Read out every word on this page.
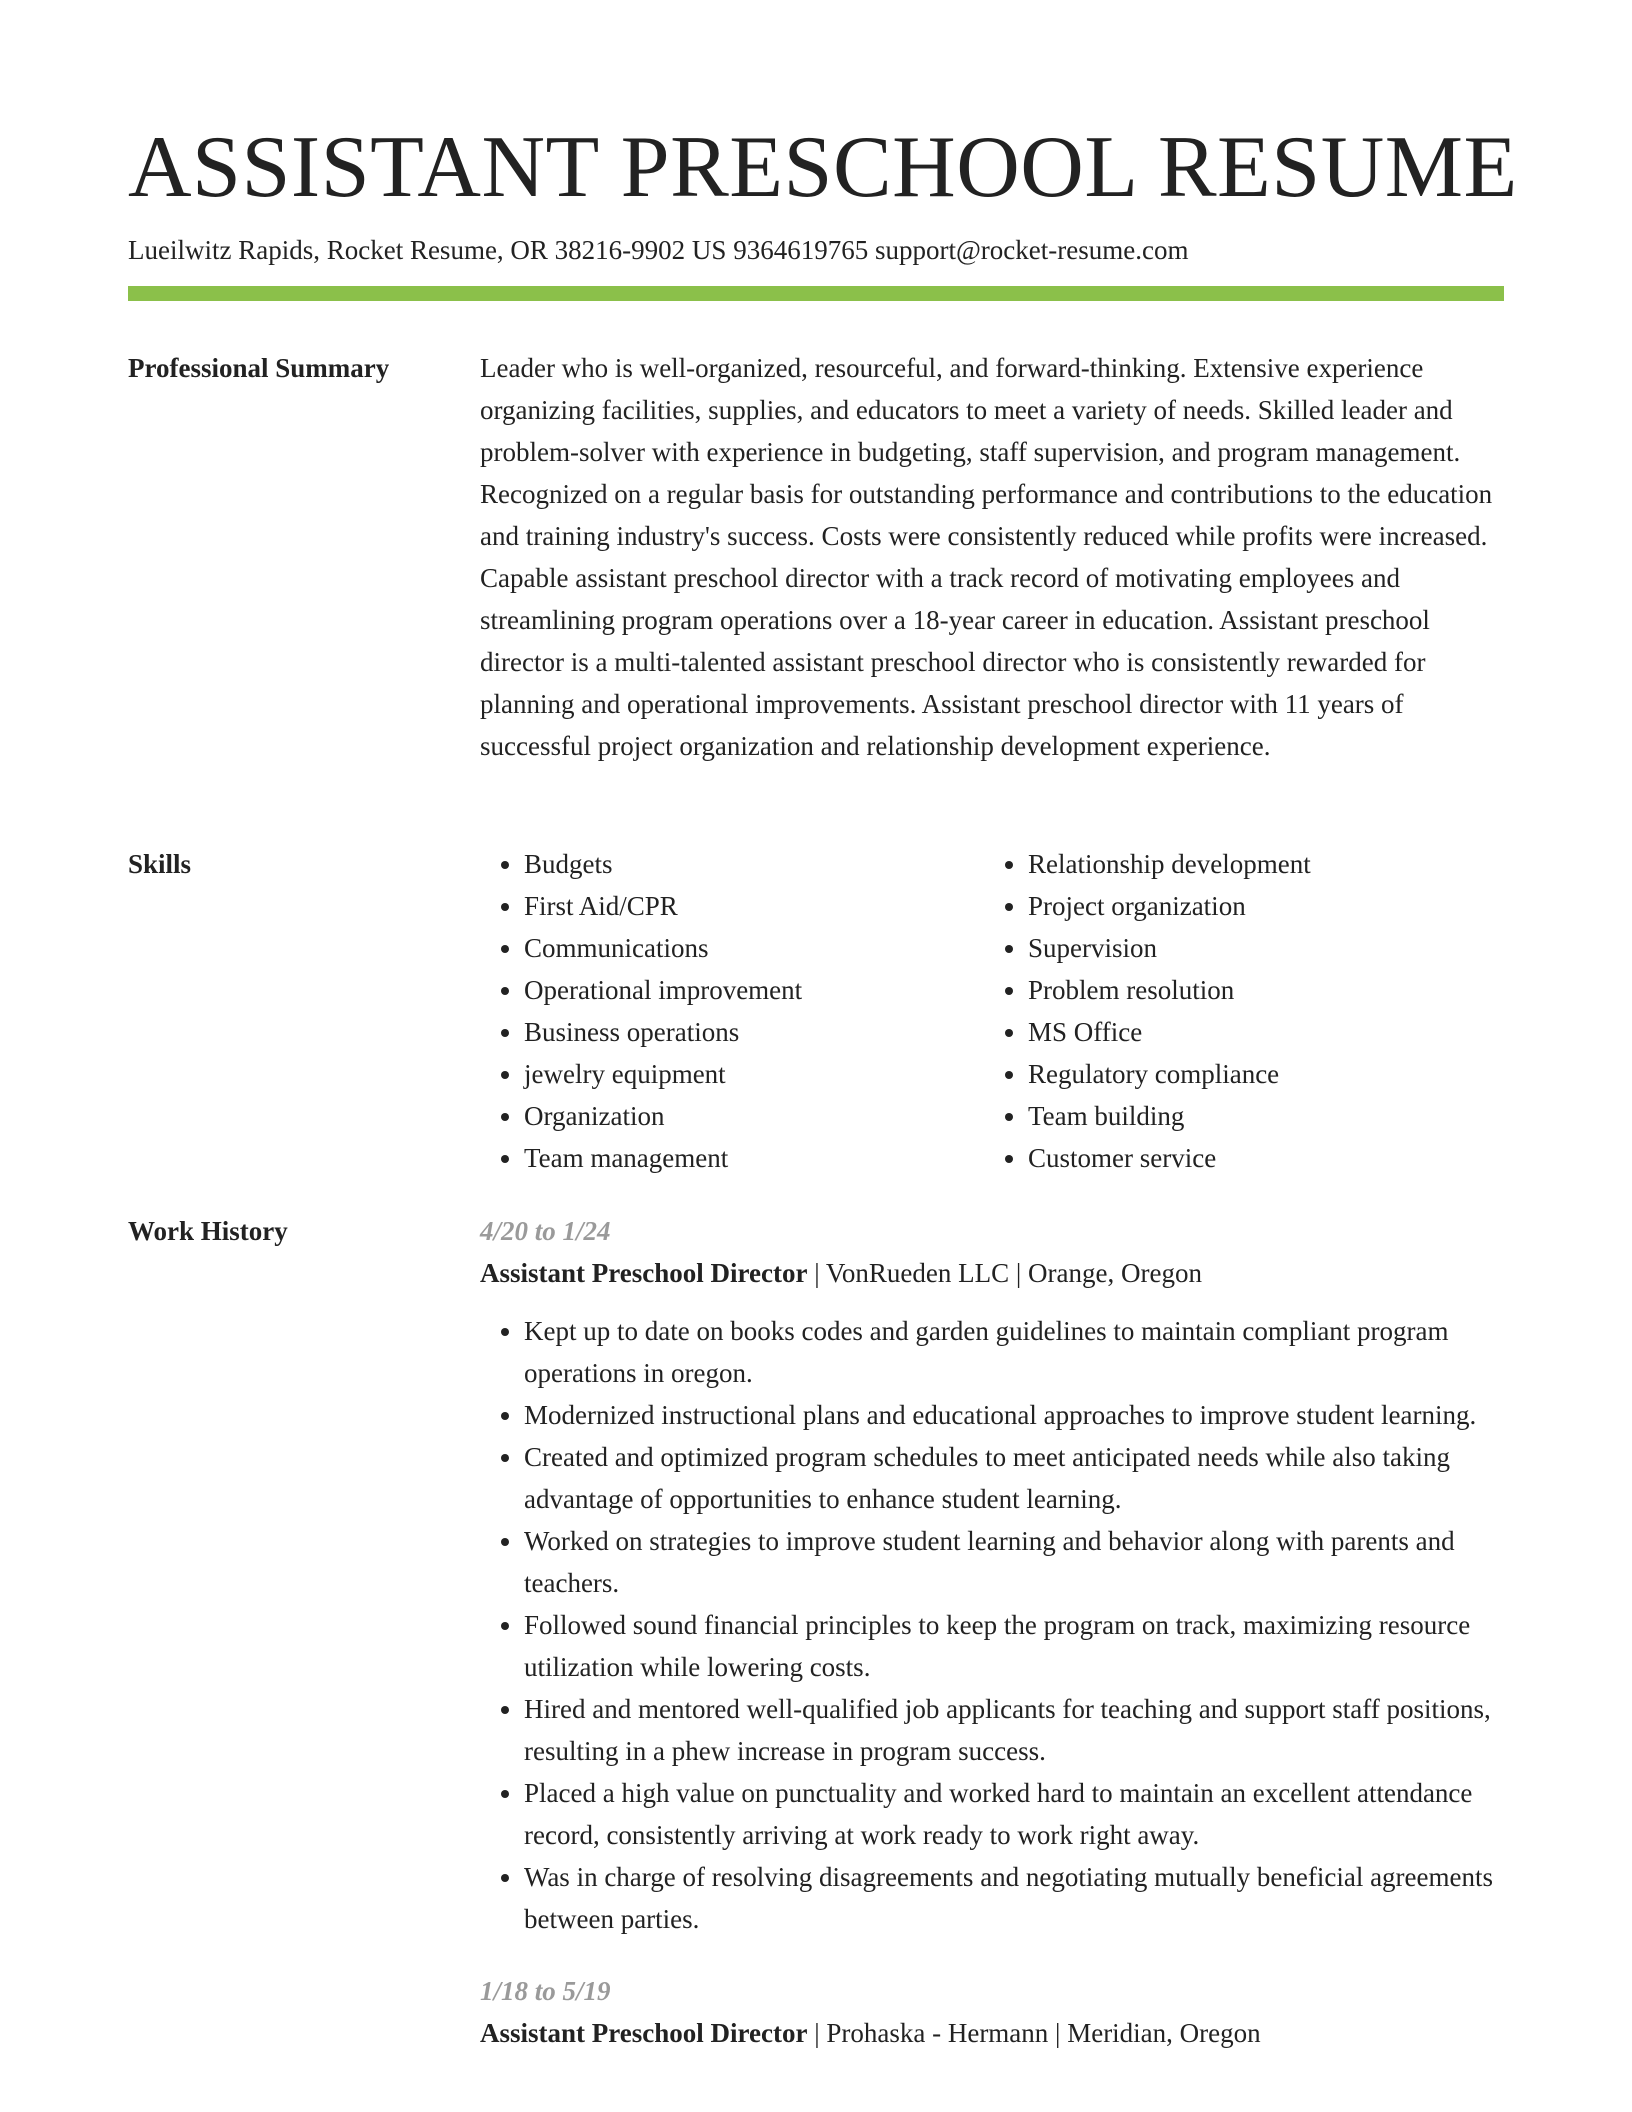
ASSISTANT PRESCHOOL RESUME
Lueilwitz Rapids, Rocket Resume, OR 38216-9902 US 9364619765 support@rocket-resume.com
Professional Summary	Leader who is well-organized, resourceful, and forward-thinking. Extensive experience organizing facilities, supplies, and educators to meet a variety of needs. Skilled leader and problem-solver with experience in budgeting, staff supervision, and program management. Recognized on a regular basis for outstanding performance and contributions to the education and training industry's success. Costs were consistently reduced while profits were increased. Capable assistant preschool director with a track record of motivating employees and streamlining program operations over a 18-year career in education. Assistant preschool director is a multi-talented assistant preschool director who is consistently rewarded for planning and operational improvements. Assistant preschool director with 11 years of successful project organization and relationship development experience.

Skills
•	Budgets
• First Aid/CPR
• Communications
• Operational improvement
• Business operations
• jewelry equipment
• Organization
• Team management
• Relationship development
• Project organization
• Supervision
• Problem resolution
• MS Office
• Regulatory compliance
• Team building
• Customer service
Work History	4/20 to 1/24
Assistant Preschool Director | VonRueden LLC | Orange, Oregon
• Kept up to date on books codes and garden guidelines to maintain compliant program operations in oregon.
• Modernized instructional plans and educational approaches to improve student learning.
• Created and optimized program schedules to meet anticipated needs while also taking advantage of opportunities to enhance student learning.
• Worked on strategies to improve student learning and behavior along with parents and teachers.
• Followed sound financial principles to keep the program on track, maximizing resource utilization while lowering costs.
• Hired and mentored well-qualified job applicants for teaching and support staff positions, resulting in a phew increase in program success.
• Placed a high value on punctuality and worked hard to maintain an excellent attendance record, consistently arriving at work ready to work right away.
• Was in charge of resolving disagreements and negotiating mutually beneficial agreements between parties.
1/18 to 5/19
Assistant Preschool Director | Prohaska - Hermann | Meridian, Oregon
